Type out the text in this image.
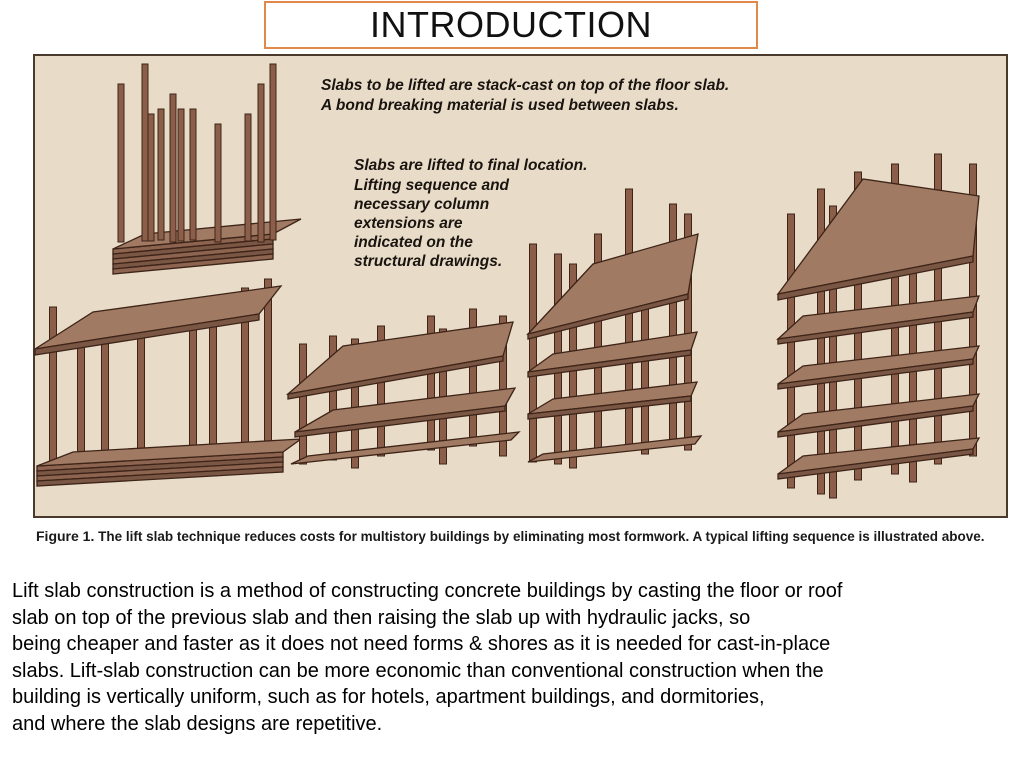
INTRODUCTION
Slabs to be lifted are stack-cast on top of the floor slab.
A bond breaking material is used between slabs.
Slabs are lifted to final location.
Lifting sequence and
necessary column
extensions are
indicated on the
structural drawings.
Figure 1. The lift slab technique reduces costs for multistory buildings by eliminating most formwork. A typical lifting sequence is illustrated above.
Lift slab construction is a method of constructing concrete buildings by casting the floor or roof
slab on top of the previous slab and then raising the slab up with hydraulic jacks, so
being cheaper and faster as it does not need forms & shores as it is needed for cast-in-place
slabs. Lift-slab construction can be more economic than conventional construction when the
building is vertically uniform, such as for hotels, apartment buildings, and dormitories,
and where the slab designs are repetitive.
